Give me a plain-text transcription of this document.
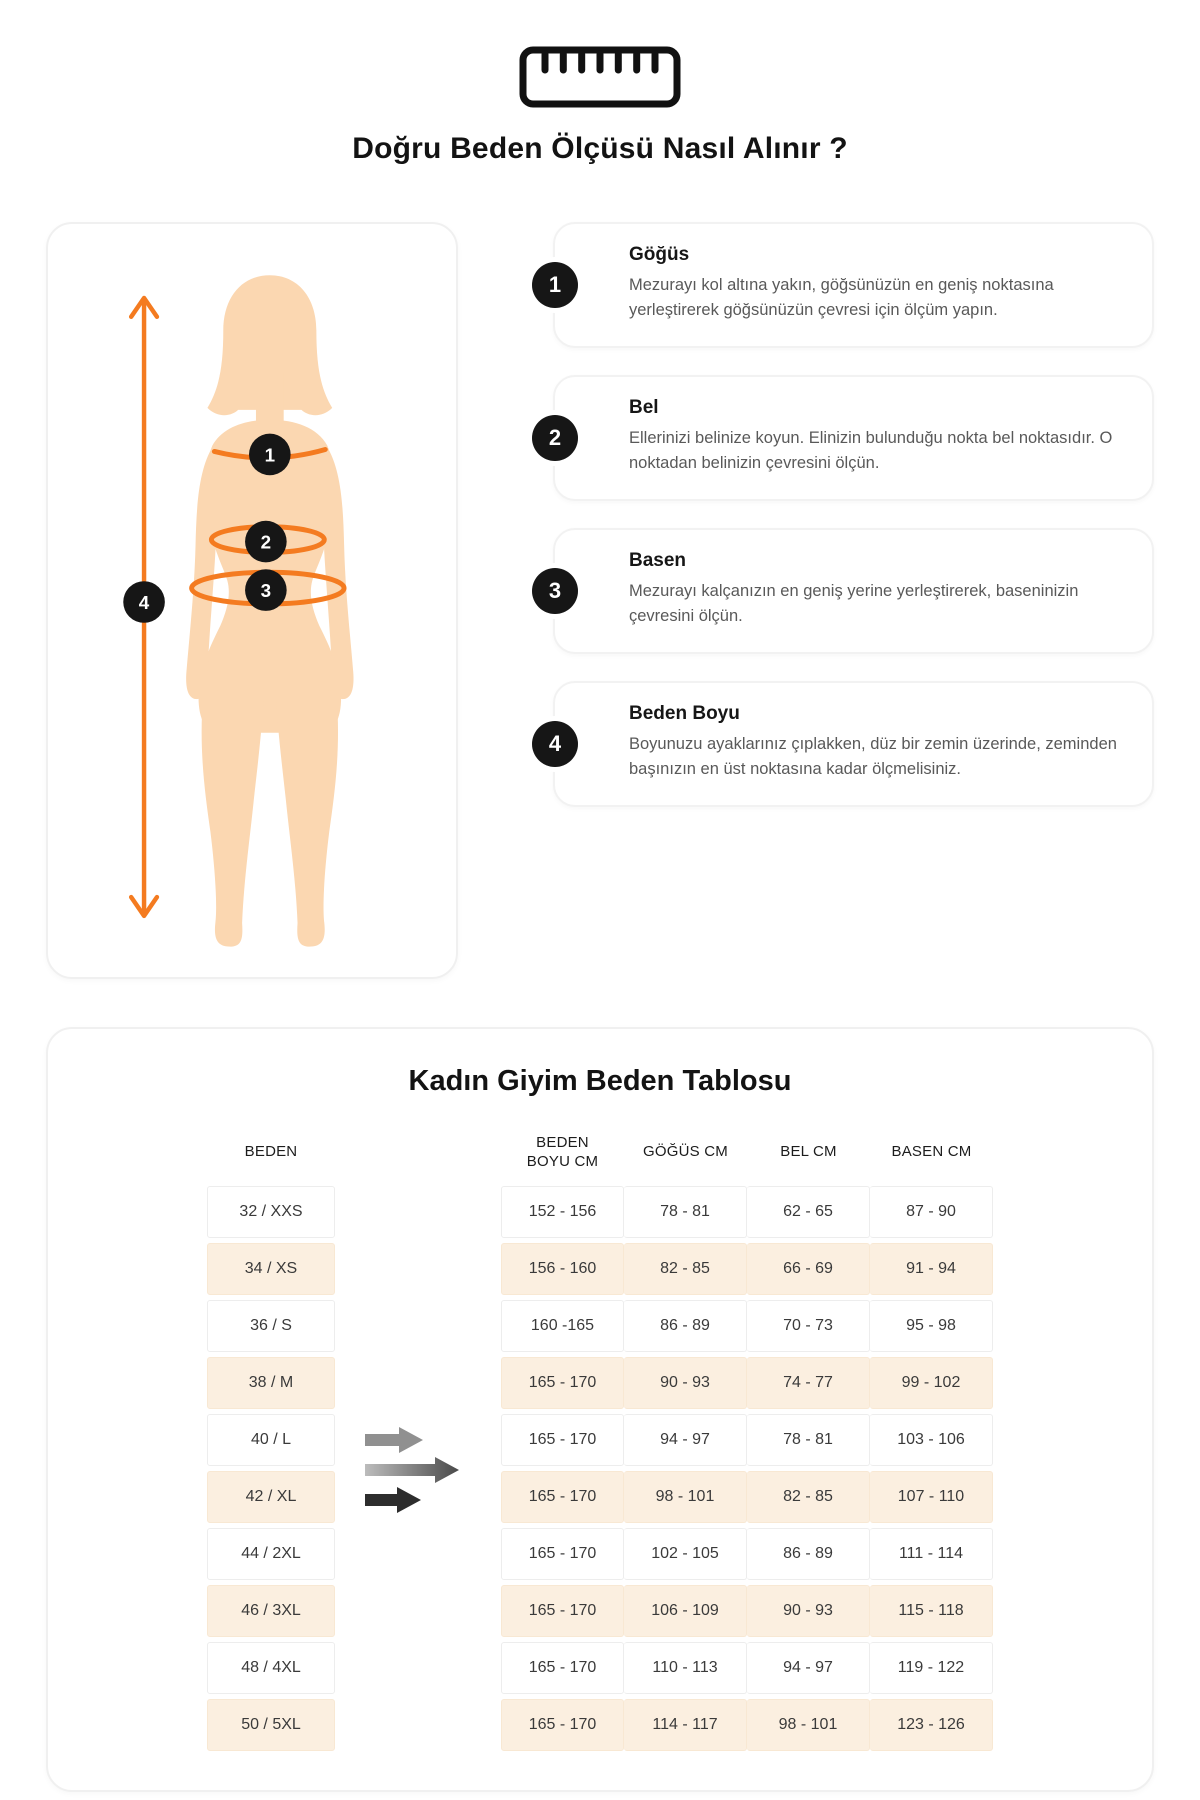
Doğru Beden Ölçüsü Nasıl Alınır ?
1
2
3
4
1
Göğüs

Mezurayı kol altına yakın, göğsünüzün en geniş noktasına yerleştirerek göğsünüzün çevresi için ölçüm yapın.

2
Bel

Ellerinizi belinize koyun. Elinizin bulunduğu nokta bel noktasıdır. O noktadan belinizin çevresini ölçün.

3
Basen

Mezurayı kalçanızın en geniş yerine yerleştirerek, baseninizin çevresini ölçün.

4
Beden Boyu

Boyunuzu ayaklarınız çıplakken, düz bir zemin üzerinde, zeminden başınızın en üst noktasına kadar ölçmelisiniz.

Kadın Giyim Beden Tablosu
BEDEN
BEDEN BOYU CM
GÖĞÜS CM	BEL CM	BASEN CM
32 / XXS	152 - 156	78 - 81	62 - 65	87 - 90
34 / XS	156 - 160	82 - 85	66 - 69	91 - 94
36 / S	160 -165	86 - 89	70 - 73	95 - 98
38 / M	165 - 170	90 - 93	74 - 77	99 - 102
40 / L	165 - 170	94 - 97	78 - 81	103 - 106
42 / XL	165 - 170	98 - 101	82 - 85	107 - 110
44 / 2XL	165 - 170	102 - 105	86 - 89	111 - 114
46 / 3XL	165 - 170	106 - 109	90 - 93	115 - 118
48 / 4XL	165 - 170	110 - 113	94 - 97	119 - 122
50 / 5XL	165 - 170	114 - 117	98 - 101	123 - 126
